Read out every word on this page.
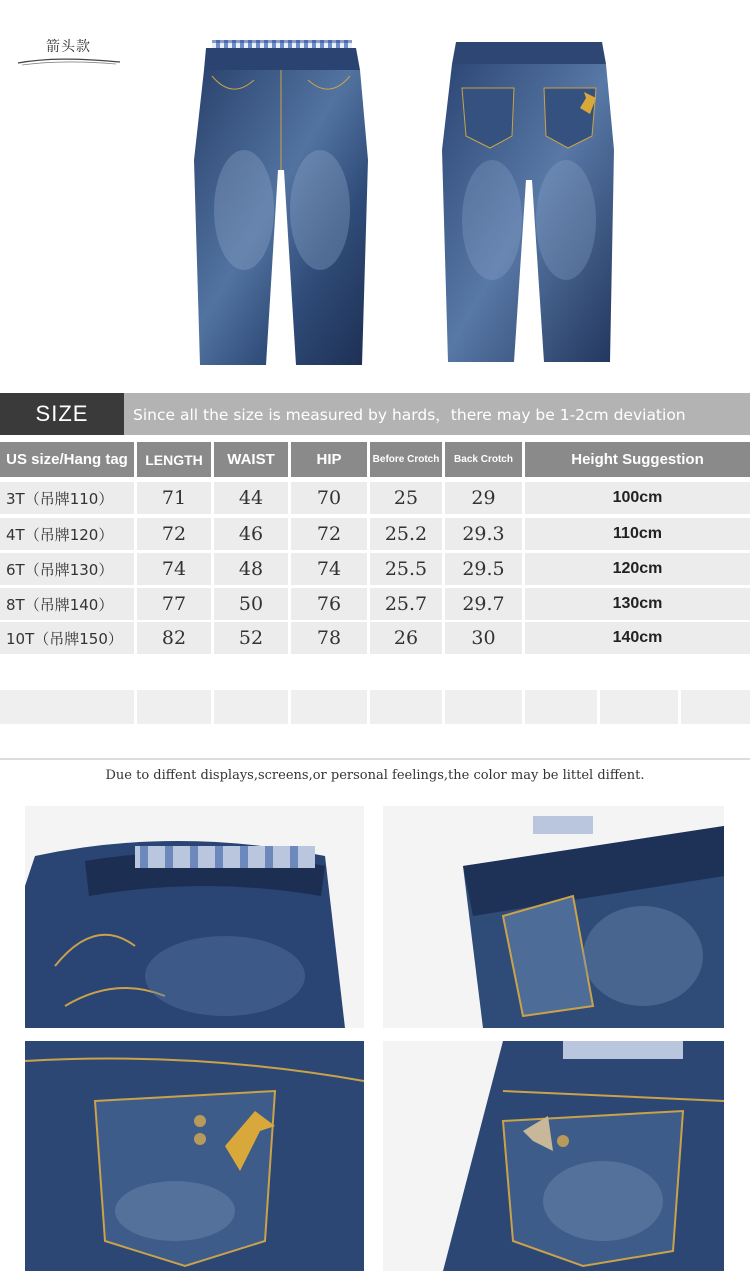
箭头款
SIZE	Since all the size is measured by hards，there may be 1-2cm deviation
US size/Hang tag	LENGTH	WAIST	HIP	Before Crotch	Back Crotch	Height Suggestion
3T（吊牌110）	71	44	70	25	29	100cm
4T（吊牌120）	72	46	72	25.2	29.3	110cm
6T（吊牌130）	74	48	74	25.5	29.5	120cm
8T（吊牌140）	77	50	76	25.7	29.7	130cm
10T（吊牌150）	82	52	78	26	30	140cm
Due to diffent displays,screens,or personal feelings,the color may be littel diffent.
